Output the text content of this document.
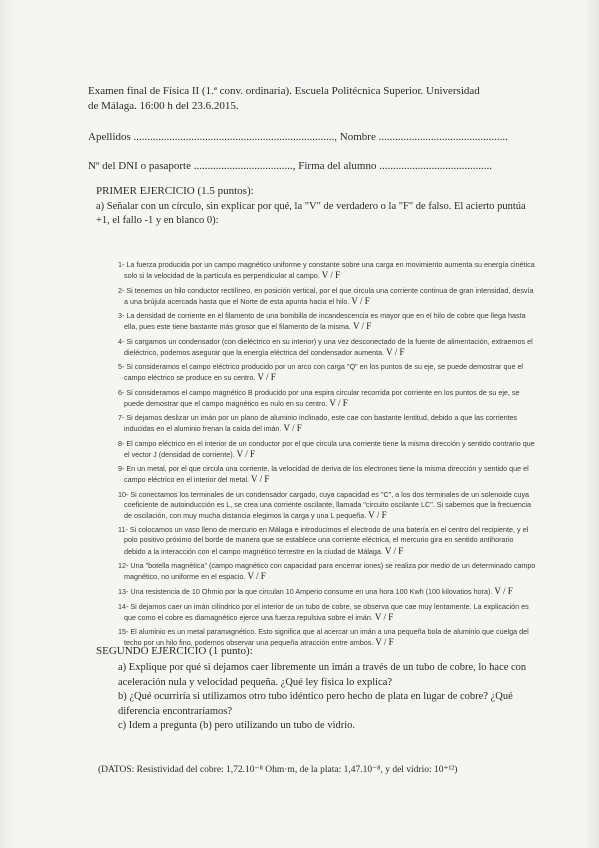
Examen final de Física II (1.ª conv. ordinaria). Escuela Politécnica Superior. Universidad
de Málaga. 16:00 h del 23.6.2015.
Apellidos ........................................................................., Nombre ...............................................
Nº del DNI o pasaporte ...................................., Firma del alumno .........................................
PRIMER EJERCICIO (1.5 puntos):
a) Señalar con un círculo, sin explicar por qué, la "V" de verdadero o la "F" de falso. El acierto puntúa +1, el fallo -1 y en blanco 0):
1- La fuerza producida por un campo magnético uniforme y constante sobre una carga en movimiento aumenta su energía cinética solo si la velocidad de la partícula es perpendicular al campo. V / F
2- Si tenemos un hilo conductor rectilíneo, en posición vertical, por el que circula una corriente continua de gran intensidad, desvía a una brújula acercada hasta que el Norte de esta apunta hacia el hilo. V / F
3- La densidad de corriente en el filamento de una bombilla de incandescencia es mayor que en el hilo de cobre que llega hasta ella, pues este tiene bastante más grosor que el filamento de la misma. V / F
4- Si cargamos un condensador (con dieléctrico en su interior) y una vez desconectado de la fuente de alimentación, extraemos el dieléctrico, podemos asegurar que la energía eléctrica del condensador aumenta. V / F
5- Si consideramos el campo eléctrico producido por un arco con carga "Q" en los puntos de su eje, se puede demostrar que el campo eléctrico se produce en su centro. V / F
6- Si consideramos el campo magnético B producido por una espira circular recorrida por corriente en los puntos de su eje, se puede demostrar que el campo magnético es nulo en su centro. V / F
7- Si dejamos deslizar un imán por un plano de aluminio inclinado, este cae con bastante lentitud, debido a que las corrientes inducidas en el aluminio frenan la caída del imán. V / F
8- El campo eléctrico en el interior de un conductor por el que circula una corriente tiene la misma dirección y sentido contrario que el vector J (densidad de corriente). V / F
9- En un metal, por el que circula una corriente, la velocidad de deriva de los electrones tiene la misma dirección y sentido que el campo eléctrico en el interior del metal. V / F
10- Si conectamos los terminales de un condensador cargado, cuya capacidad es "C", a los dos terminales de un solenoide cuya coeficiente de autoinducción es L, se crea una corriente oscilante, llamada "circuito oscilante LC". Si sabemos que la frecuencia de oscilación, con muy mucha distancia elegimos la carga y una L pequeña. V / F
11- Si colocamos un vaso lleno de mercurio en Málaga e introducimos el electrodo de una batería en el centro del recipiente, y el polo positivo próximo del borde de manera que se establece una corriente eléctrica, el mercurio gira en sentido antihorario debido a la interacción con el campo magnético terrestre en la ciudad de Málaga. V / F
12- Una "botella magnética" (campo magnético con capacidad para encerrar iones) se realiza por medio de un determinado campo magnético, no uniforme en el espacio. V / F
13- Una resistencia de 10 Ohmio por la que circulan 10 Amperio consume en una hora 100 Kwh (100 kilovatios hora). V / F
14- Si dejamos caer un imán cilíndrico por el interior de un tubo de cobre, se observa que cae muy lentamente. La explicación es que como el cobre es diamagnético ejerce una fuerza repulsiva sobre el imán. V / F
15- El aluminio es un metal paramagnético. Esto significa que al acercar un imán a una pequeña bola de aluminio que cuelga del techo por un hilo fino, podemos observar una pequeña atracción entre ambos. V / F
SEGUNDO EJERCICIO (1 punto):

a) Explique por qué si dejamos caer libremente un imán a través de un tubo de cobre, lo hace con aceleración nula y velocidad pequeña. ¿Qué ley física lo explica?

b) ¿Qué ocurriría si utilizamos otro tubo idéntico pero hecho de plata en lugar de cobre? ¿Qué diferencia encontraríamos?

c) Idem a pregunta (b) pero utilizando un tubo de vidrio.

(DATOS: Resistividad del cobre: 1,72.10⁻⁸ Ohm·m, de la plata: 1,47.10⁻⁸, y del vidrio: 10⁺¹²)
